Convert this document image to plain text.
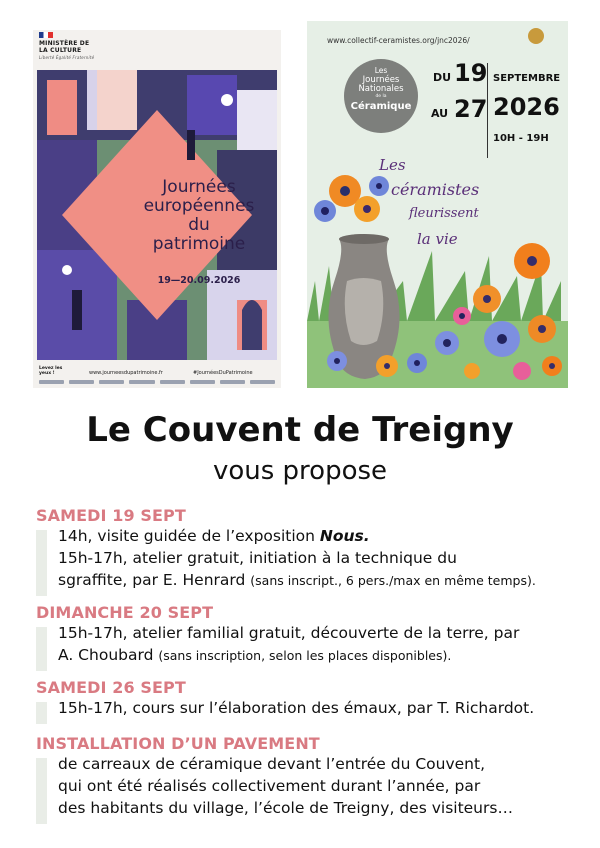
MINISTÈRE DE LA CULTURE
Liberté Égalité Fraternité
Journées
européennes
du
patrimoine
19—20.09.2026
Levez les yeux !	www.journeesdupatrimoine.fr	#JournéesDuPatrimoine
www.collectif-ceramistes.org/jnc2026/
Les
Journées Nationales
de la
Céramique
DU 19
AU 27
SEPTEMBRE
2026
10H - 19H
Les
céramistes
fleurissent
la vie
Le Couvent de Treigny
vous propose
SAMEDI 19 SEPT
14h, visite guidée de l’exposition Nous.
15h-17h, atelier gratuit, initiation à la technique du
sgraffite, par E. Henrard (sans inscript., 6 pers./max en même temps).
DIMANCHE 20 SEPT
15h-17h, atelier familial gratuit, découverte de la terre, par
A. Choubard (sans inscription, selon les places disponibles).
SAMEDI 26 SEPT
15h-17h, cours sur l’élaboration des émaux, par T. Richardot.
INSTALLATION D’UN PAVEMENT
de carreaux de céramique devant l’entrée du Couvent,
qui ont été réalisés collectivement durant l’année, par
des habitants du village, l’école de Treigny, des visiteurs…
